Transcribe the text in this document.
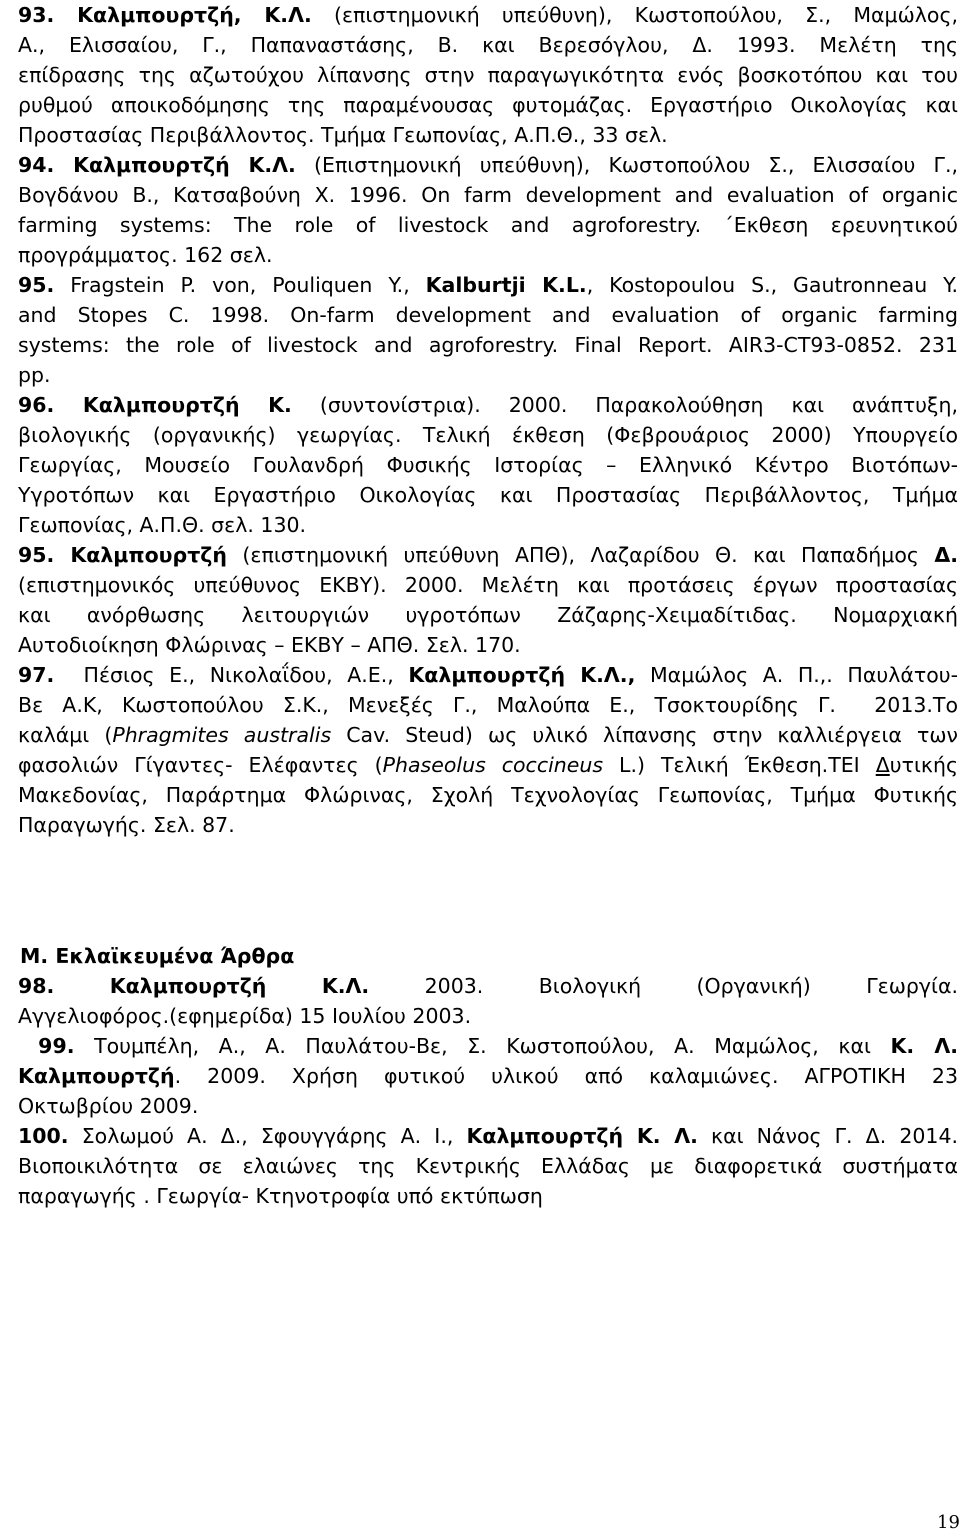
93. Καλμπουρτζή, Κ.Λ. (επιστημονική υπεύθυνη), Κωστοπούλου, Σ., Μαμώλος,
Α., Ελισσαίου, Γ., Παπαναστάσης, Β. και Βερεσόγλου, Δ. 1993. Μελέτη της
επίδρασης της αζωτούχου λίπανσης στην παραγωγικότητα ενός βοσκοτόπου και του
ρυθμού αποικοδόμησης της παραμένουσας φυτομάζας. Εργαστήριο Οικολογίας και
Προστασίας Περιβάλλοντος. Τμήμα Γεωπονίας, Α.Π.Θ., 33 σελ.
94. Καλμπουρτζή Κ.Λ. (Επιστημονική υπεύθυνη), Κωστοπούλου Σ., Ελισσαίου Γ.,
Βογδάνου Β., Κατσαβούνη Χ. 1996. On farm development and evaluation of organic
farming systems: The role of livestock and agroforestry. ΄Εκθεση ερευνητικού
προγράμματος. 162 σελ.
95. Fragstein P. von, Pouliquen Y., Kalburtji K.L., Kostopoulou S., Gautronneau Y.
and Stopes C. 1998. On-farm development and evaluation of organic farming
systems: the role of livestock and agroforestry. Final Report. AIR3-CT93-0852. 231
pp.
96. Καλμπουρτζή Κ. (συντονίστρια). 2000. Παρακολούθηση και ανάπτυξη,
βιολογικής (οργανικής) γεωργίας. Τελική έκθεση (Φεβρουάριος 2000) Υπουργείο
Γεωργίας, Μουσείο Γουλανδρή Φυσικής Ιστορίας – Ελληνικό Κέντρο Βιοτόπων-
Υγροτόπων και Εργαστήριο Οικολογίας και Προστασίας Περιβάλλοντος, Τμήμα
Γεωπονίας, Α.Π.Θ. σελ. 130.
95. Καλμπουρτζή (επιστημονική υπεύθυνη ΑΠΘ), Λαζαρίδου Θ. και Παπαδήμος Δ.
(επιστημονικός υπεύθυνος ΕΚΒΥ). 2000. Μελέτη και προτάσεις έργων προστασίας
και ανόρθωσης λειτουργιών υγροτόπων Ζάζαρης-Χειμαδίτιδας. Νομαρχιακή
Αυτοδιοίκηση Φλώρινας – ΕΚΒΥ – ΑΠΘ. Σελ. 170.
97.  Πέσιος Ε., Νικολαΐδου, Α.Ε., Καλμπουρτζή Κ.Λ., Μαμώλος Α. Π.,. Παυλάτου-
Βε Α.Κ, Κωστοπούλου Σ.Κ., Μενεξές Γ., Μαλούπα Ε., Τσοκτουρίδης Γ.  2013.Το
καλάμι (Phragmites australis Cav. Steud) ως υλικό λίπανσης στην καλλιέργεια των
φασολιών Γίγαντες- Ελέφαντες (Phaseolus coccineus L.) Τελική Έκθεση.ΤΕΙ Δυτικής
Μακεδονίας, Παράρτημα Φλώρινας, Σχολή Τεχνολογίας Γεωπονίας, Τμήμα Φυτικής
Παραγωγής. Σελ. 87.
Μ. Εκλαϊκευμένα Άρθρα
98.	Καλμπουρτζή	Κ.Λ.   2003.   Βιολογική   (Οργανική)   Γεωργία.
Αγγελιοφόρος.(εφημερίδα) 15 Ιουλίου 2003.
99. Τουμπέλη, Α., Α. Παυλάτου-Βε, Σ. Κωστοπούλου, Α. Μαμώλος, και Κ. Λ.
Καλμπουρτζή. 2009. Χρήση φυτικού υλικού από καλαμιώνες. ΑΓΡΟΤΙΚΗ 23
Οκτωβρίου 2009.
100. Σολωμού Α. Δ., Σφουγγάρης Α. Ι., Καλμπουρτζή Κ. Λ. και Νάνος Γ. Δ. 2014.
Βιοποικιλότητα σε ελαιώνες της Κεντρικής Ελλάδας με διαφορετικά συστήματα
παραγωγής . Γεωργία- Κτηνοτροφία υπό εκτύπωση
19
